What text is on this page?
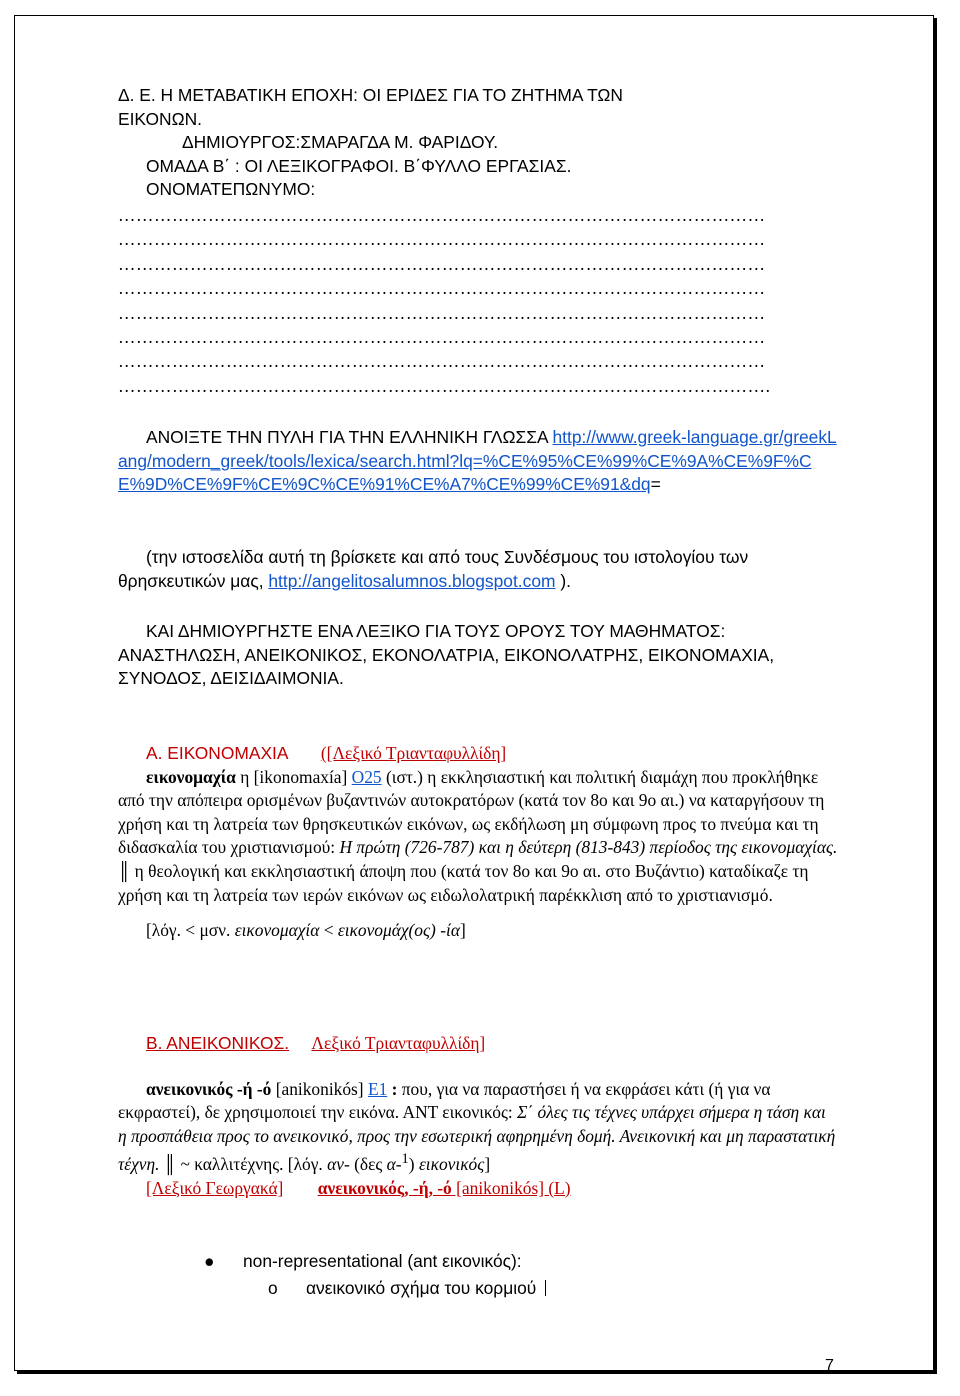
Δ. Ε. Η ΜΕΤΑΒΑΤΙΚΗ ΕΠΟΧΗ: ΟΙ ΕΡΙΔΕΣ ΓΙΑ ΤΟ ΖΗΤΗΜΑ ΤΩΝ

ΕΙΚΟΝΩΝ.

ΔΗΜΙΟΥΡΓΟΣ:ΣΜΑΡΑΓΔΑ Μ. ΦΑΡΙΔΟΥ.

ΟΜΑΔΑ Β΄ : ΟΙ ΛΕΞΙΚΟΓΡΑΦΟΙ. Β΄ΦΥΛΛΟ ΕΡΓΑΣΙΑΣ.

ΟΝΟΜΑΤΕΠΩΝΥΜΟ:

………………………………………………………………………………………………
………………………………………………………………………………………………
………………………………………………………………………………………………
………………………………………………………………………………………………
………………………………………………………………………………………………
………………………………………………………………………………………………
………………………………………………………………………………………………
……………………………………………………………………………………………….

ΑΝΟΙΞΤΕ ΤΗΝ ΠΥΛΗ ΓΙΑ ΤΗΝ ΕΛΛΗΝΙΚΗ ΓΛΩΣΣΑ http://www.greek-language.gr/greekLang/modern_greek/tools/lexica/search.html?lq=%CE%95%CE%99%CE%9A%CE%9F%CE%9D%CE%9F%CE%9C%CE%91%CE%A7%CE%99%CE%91&dq=

(την ιστοσελίδα αυτή τη βρίσκετε και από τους Συνδέσμους του ιστολογίου των θρησκευτικών μας, http://angelitosalumnos.blogspot.com ).

ΚΑΙ ΔΗΜΙΟΥΡΓΗΣΤΕ ΕΝΑ ΛΕΞΙΚΟ ΓΙΑ ΤΟΥΣ ΟΡΟΥΣ ΤΟΥ ΜΑΘΗΜΑΤΟΣ:

ΑΝΑΣΤΗΛΩΣΗ, ΑΝΕΙΚΟΝΙΚΟΣ, ΕΚΟΝΟΛΑΤΡΙΑ, ΕΙΚΟΝΟΛΑΤΡΗΣ, ΕΙΚΟΝΟΜΑΧΙΑ, ΣΥΝΟΔΟΣ, ΔΕΙΣΙΔΑΙΜΟΝΙΑ.

Α. ΕΙΚΟΝΟΜΑΧΙΑ ([Λεξικό Τριανταφυλλίδη]

εικονομαχία η [ikonomaxía] Ο25 (ιστ.) η εκκλησιαστική και πολιτική διαμάχη που προκλήθηκε από την απόπειρα ορισμένων βυζαντινών αυτοκρατόρων (κατά τον 8ο και 9ο αι.) να καταργήσουν τη χρήση και τη λατρεία των θρησκευτικών εικόνων, ως εκδήλωση μη σύμφωνη προς το πνεύμα και τη διδασκαλία του χριστιανισμού: Η πρώτη (726-787) και η δεύτερη (813-843) περίοδος της εικονομαχίας. ║ η θεολογική και εκκλησιαστική άποψη που (κατά τον 8ο και 9ο αι. στο Βυζάντιο) καταδίκαζε τη χρήση και τη λατρεία των ιερών εικόνων ως ειδωλολατρική παρέκκλιση από το χριστιανισμό.

[λόγ. < μσν. εικονομαχία < εικονομάχ(ος) -ία]

Β. ΑΝΕΙΚΟΝΙΚΟΣ. Λεξικό Τριανταφυλλίδη]

ανεικονικός -ή -ό [anikonikós] Ε1 : που, για να παραστήσει ή να εκφράσει κάτι (ή για να εκφραστεί), δε χρησιμοποιεί την εικόνα. ΑΝΤ εικονικός: Σ΄ όλες τις τέχνες υπάρχει σήμερα η τάση και η προσπάθεια προς το ανεικονικό, προς την εσωτερική αφηρημένη δομή. Ανεικονική και μη παραστατική τέχνη. ║ ~ καλλιτέχνης. [λόγ. αν- (δες α-$^1$) εικονικός]

[Λεξικό Γεωργακά] ανεικονικός, -ή, -ό [anikonikós] (L)

● non-representational (ant εικονικός):
o ανεικονικό σχήμα του κορμιού
7
